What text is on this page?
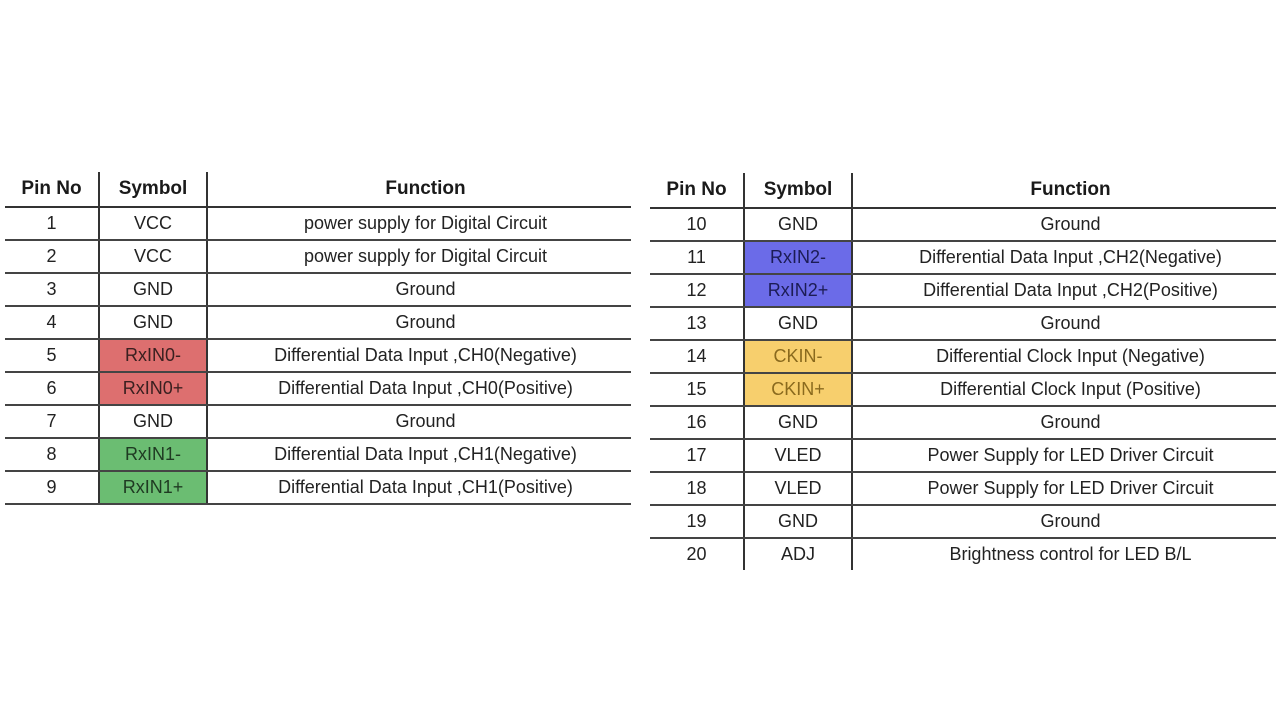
Pin No	Symbol	Function
1	VCC	power supply for Digital Circuit
2	VCC	power supply for Digital Circuit
3	GND	Ground
4	GND	Ground
5	RxIN0-	Differential Data Input ,CH0(Negative)
6	RxIN0+	Differential Data Input ,CH0(Positive)
7	GND	Ground
8	RxIN1-	Differential Data Input ,CH1(Negative)
9	RxIN1+	Differential Data Input ,CH1(Positive)
Pin No	Symbol	Function
10	GND	Ground
11	RxIN2-	Differential Data Input ,CH2(Negative)
12	RxIN2+	Differential Data Input ,CH2(Positive)
13	GND	Ground
14	CKIN-	Differential Clock Input (Negative)
15	CKIN+	Differential Clock Input (Positive)
16	GND	Ground
17	VLED	Power Supply for LED Driver Circuit
18	VLED	Power Supply for LED Driver Circuit
19	GND	Ground
20	ADJ	Brightness control for LED B/L
